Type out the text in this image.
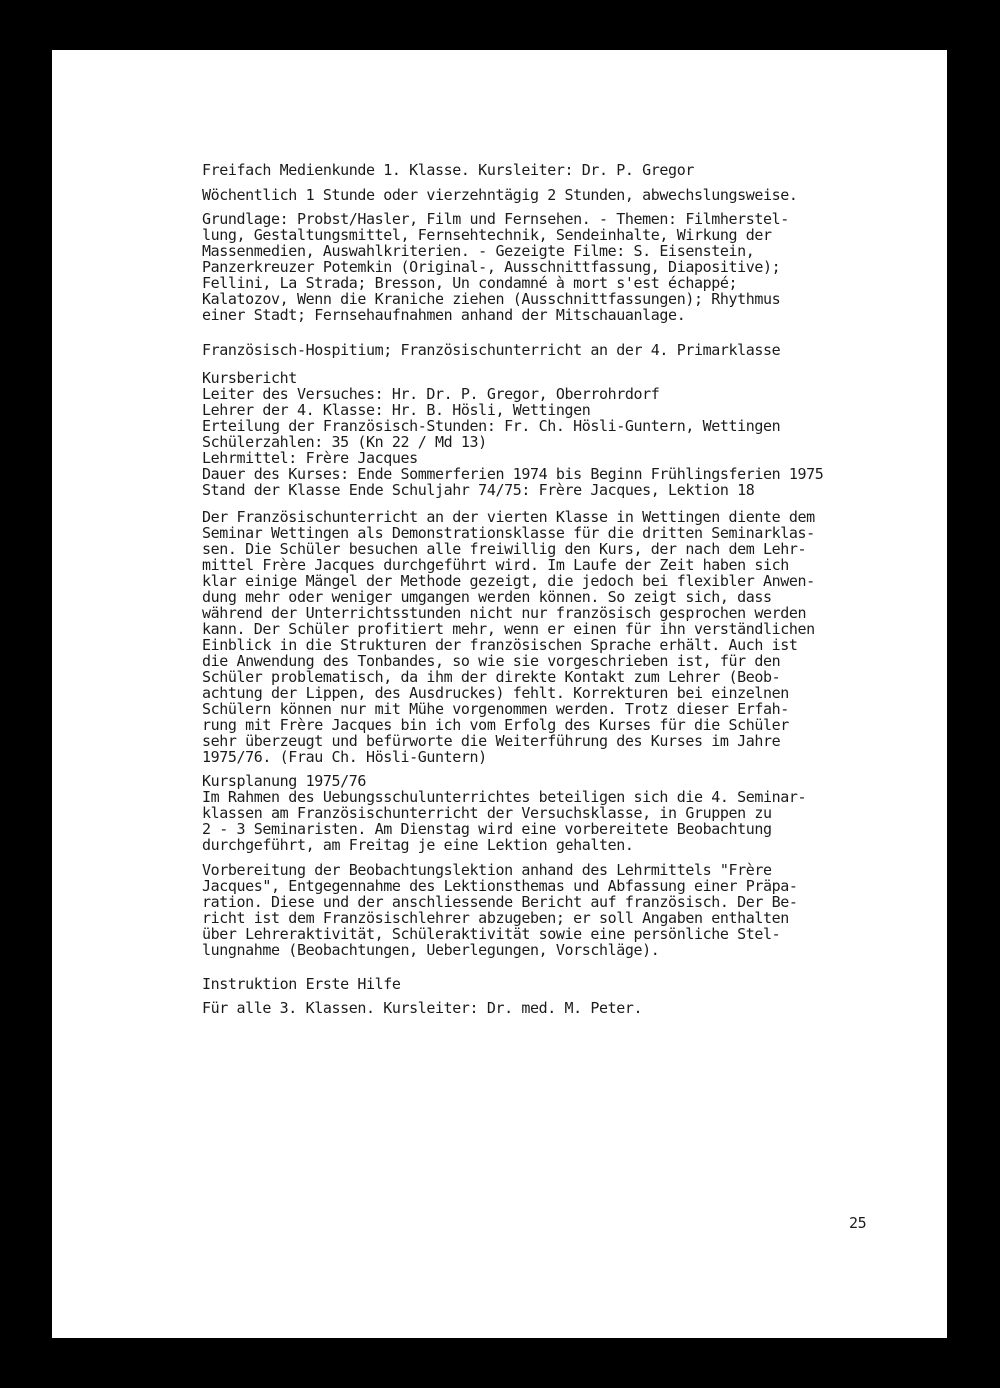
Freifach Medienkunde 1. Klasse. Kursleiter: Dr. P. Gregor
Wöchentlich 1 Stunde oder vierzehntägig 2 Stunden, abwechslungsweise.
Grundlage: Probst/Hasler, Film und Fernsehen. - Themen: Filmherstel-
lung, Gestaltungsmittel, Fernsehtechnik, Sendeinhalte, Wirkung der
Massenmedien, Auswahlkriterien. - Gezeigte Filme: S. Eisenstein,
Panzerkreuzer Potemkin (Original-, Ausschnittfassung, Diapositive);
Fellini, La Strada; Bresson, Un condamné à mort s'est échappé;
Kalatozov, Wenn die Kraniche ziehen (Ausschnittfassungen); Rhythmus
einer Stadt; Fernsehaufnahmen anhand der Mitschauanlage.
Französisch-Hospitium; Französischunterricht an der 4. Primarklasse
Kursbericht
Leiter des Versuches: Hr. Dr. P. Gregor, Oberrohrdorf
Lehrer der 4. Klasse: Hr. B. Hösli, Wettingen
Erteilung der Französisch-Stunden: Fr. Ch. Hösli-Guntern, Wettingen
Schülerzahlen: 35 (Kn 22 / Md 13)
Lehrmittel: Frère Jacques
Dauer des Kurses: Ende Sommerferien 1974 bis Beginn Frühlingsferien 1975
Stand der Klasse Ende Schuljahr 74/75: Frère Jacques, Lektion 18
Der Französischunterricht an der vierten Klasse in Wettingen diente dem
Seminar Wettingen als Demonstrationsklasse für die dritten Seminarklas-
sen. Die Schüler besuchen alle freiwillig den Kurs, der nach dem Lehr-
mittel Frère Jacques durchgeführt wird. Im Laufe der Zeit haben sich
klar einige Mängel der Methode gezeigt, die jedoch bei flexibler Anwen-
dung mehr oder weniger umgangen werden können. So zeigt sich, dass
während der Unterrichtsstunden nicht nur französisch gesprochen werden
kann. Der Schüler profitiert mehr, wenn er einen für ihn verständlichen
Einblick in die Strukturen der französischen Sprache erhält. Auch ist
die Anwendung des Tonbandes, so wie sie vorgeschrieben ist, für den
Schüler problematisch, da ihm der direkte Kontakt zum Lehrer (Beob-
achtung der Lippen, des Ausdruckes) fehlt. Korrekturen bei einzelnen
Schülern können nur mit Mühe vorgenommen werden. Trotz dieser Erfah-
rung mit Frère Jacques bin ich vom Erfolg des Kurses für die Schüler
sehr überzeugt und befürworte die Weiterführung des Kurses im Jahre
1975/76. (Frau Ch. Hösli-Guntern)
Kursplanung 1975/76
Im Rahmen des Uebungsschulunterrichtes beteiligen sich die 4. Seminar-
klassen am Französischunterricht der Versuchsklasse, in Gruppen zu
2 - 3 Seminaristen. Am Dienstag wird eine vorbereitete Beobachtung
durchgeführt, am Freitag je eine Lektion gehalten.
Vorbereitung der Beobachtungslektion anhand des Lehrmittels "Frère
Jacques", Entgegennahme des Lektionsthemas und Abfassung einer Präpa-
ration. Diese und der anschliessende Bericht auf französisch. Der Be-
richt ist dem Französischlehrer abzugeben; er soll Angaben enthalten
über Lehreraktivität, Schüleraktivität sowie eine persönliche Stel-
lungnahme (Beobachtungen, Ueberlegungen, Vorschläge).
Instruktion Erste Hilfe
Für alle 3. Klassen. Kursleiter: Dr. med. M. Peter.
25
